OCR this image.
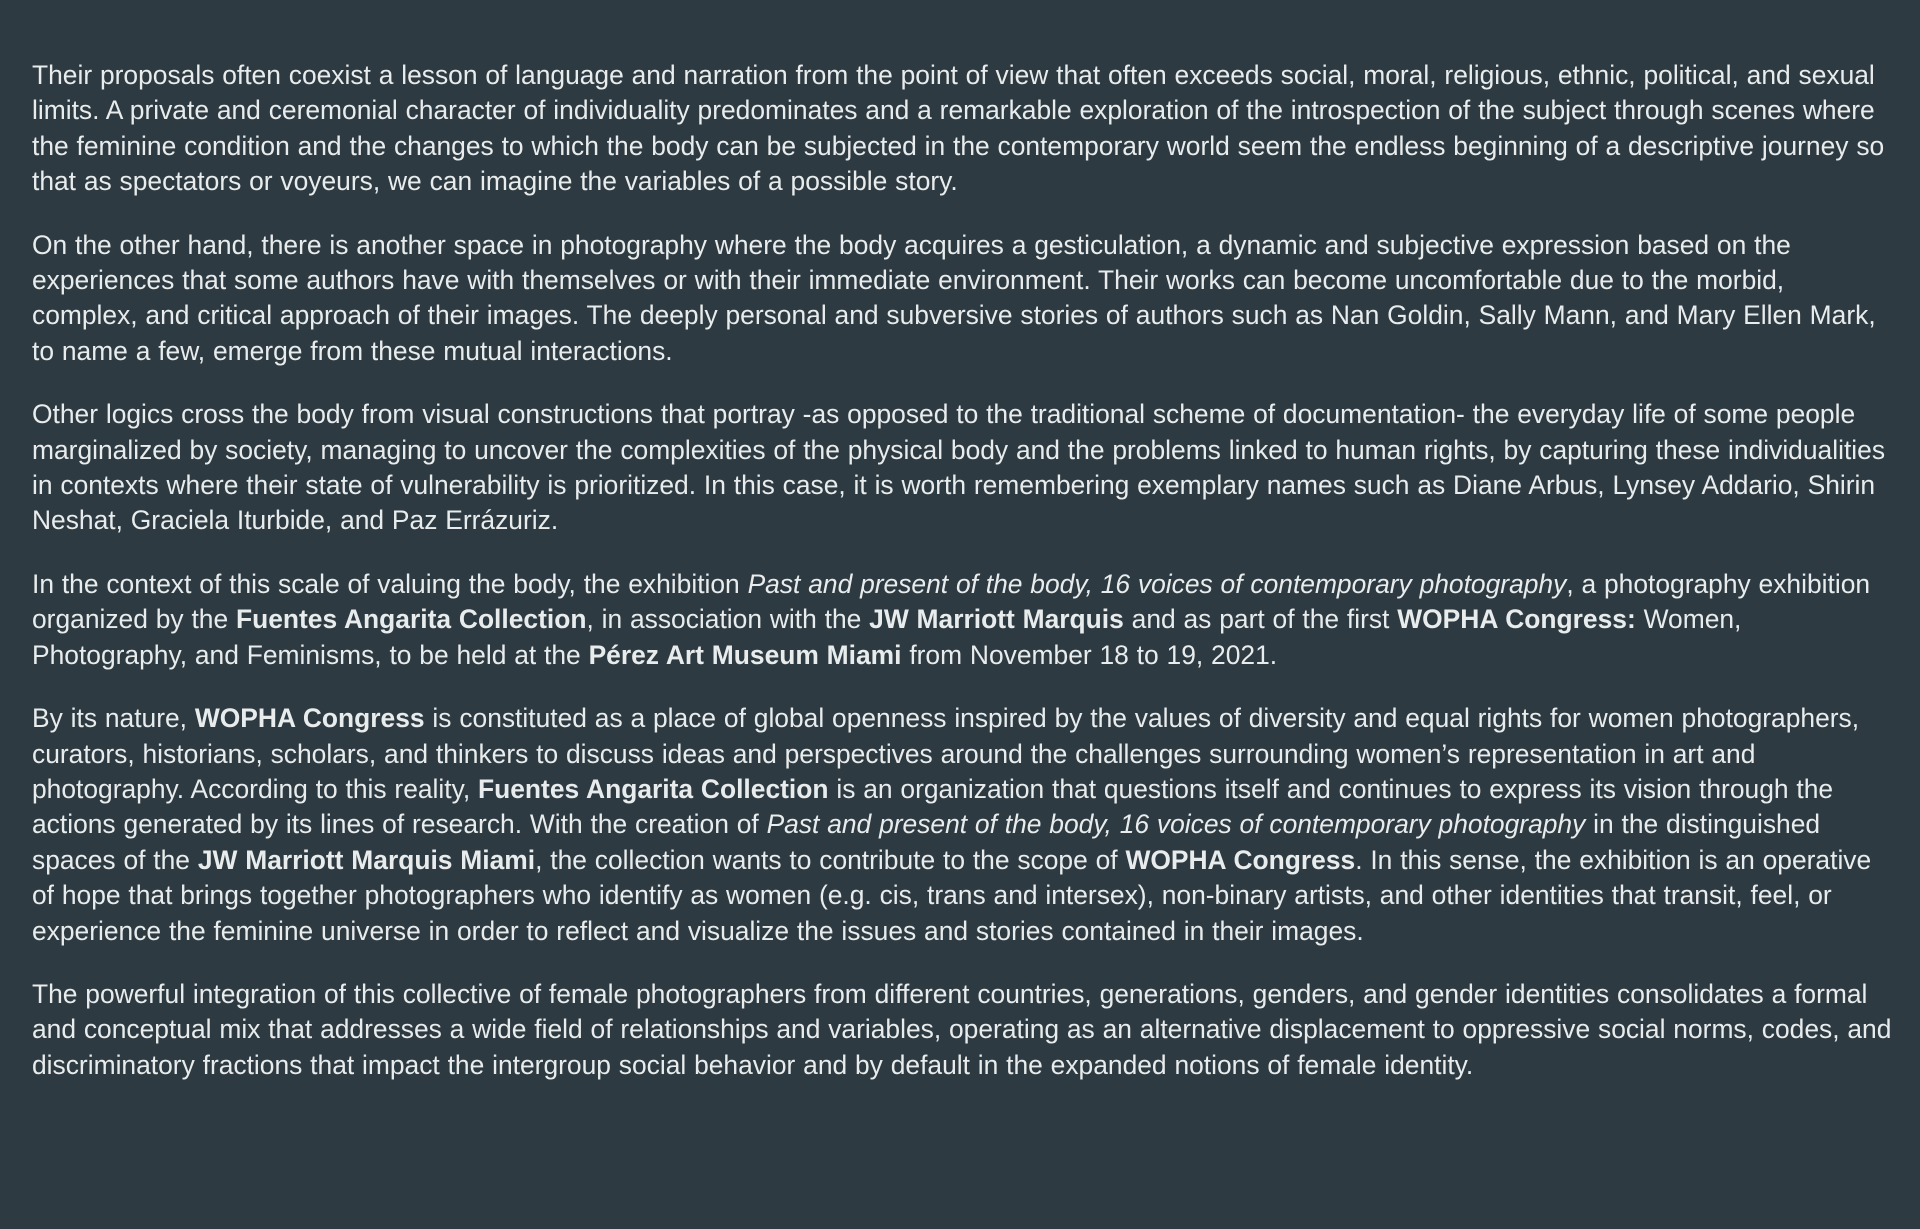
Their proposals often coexist a lesson of language and narration from the point of view that often exceeds social, moral, religious, ethnic, political, and sexual limits. A private and ceremonial character of individuality predominates and a remarkable exploration of the introspection of the subject through scenes where the feminine condition and the changes to which the body can be subjected in the contemporary world seem the endless beginning of a descriptive journey so that as spectators or voyeurs, we can imagine the variables of a possible story.

On the other hand, there is another space in photography where the body acquires a gesticulation, a dynamic and subjective expression based on the experiences that some authors have with themselves or with their immediate environment. Their works can become uncomfortable due to the morbid, complex, and critical approach of their images. The deeply personal and subversive stories of authors such as Nan Goldin, Sally Mann, and Mary Ellen Mark, to name a few, emerge from these mutual interactions.

Other logics cross the body from visual constructions that portray -as opposed to the traditional scheme of documentation- the everyday life of some people marginalized by society, managing to uncover the complexities of the physical body and the problems linked to human rights, by capturing these individualities in contexts where their state of vulnerability is prioritized. In this case, it is worth remembering exemplary names such as Diane Arbus, Lynsey Addario, Shirin Neshat, Graciela Iturbide, and Paz Errázuriz.

In the context of this scale of valuing the body, the exhibition Past and present of the body, 16 voices of contemporary photography, a photography exhibition organized by the Fuentes Angarita Collection, in association with the JW Marriott Marquis and as part of the first WOPHA Congress: Women, Photography, and Feminisms, to be held at the Pérez Art Museum Miami from November 18 to 19, 2021.

By its nature, WOPHA Congress is constituted as a place of global openness inspired by the values of diversity and equal rights for women photographers, curators, historians, scholars, and thinkers to discuss ideas and perspectives around the challenges surrounding women’s representation in art and photography. According to this reality, Fuentes Angarita Collection is an organization that questions itself and continues to express its vision through the actions generated by its lines of research. With the creation of Past and present of the body, 16 voices of contemporary photography in the distinguished spaces of the JW Marriott Marquis Miami, the collection wants to contribute to the scope of WOPHA Congress. In this sense, the exhibition is an operative of hope that brings together photographers who identify as women (e.g. cis, trans and intersex), non-binary artists, and other identities that transit, feel, or experience the feminine universe in order to reflect and visualize the issues and stories contained in their images.

The powerful integration of this collective of female photographers from different countries, generations, genders, and gender identities consolidates a formal and conceptual mix that addresses a wide field of relationships and variables, operating as an alternative displacement to oppressive social norms, codes, and discriminatory fractions that impact the intergroup social behavior and by default in the expanded notions of female identity.
